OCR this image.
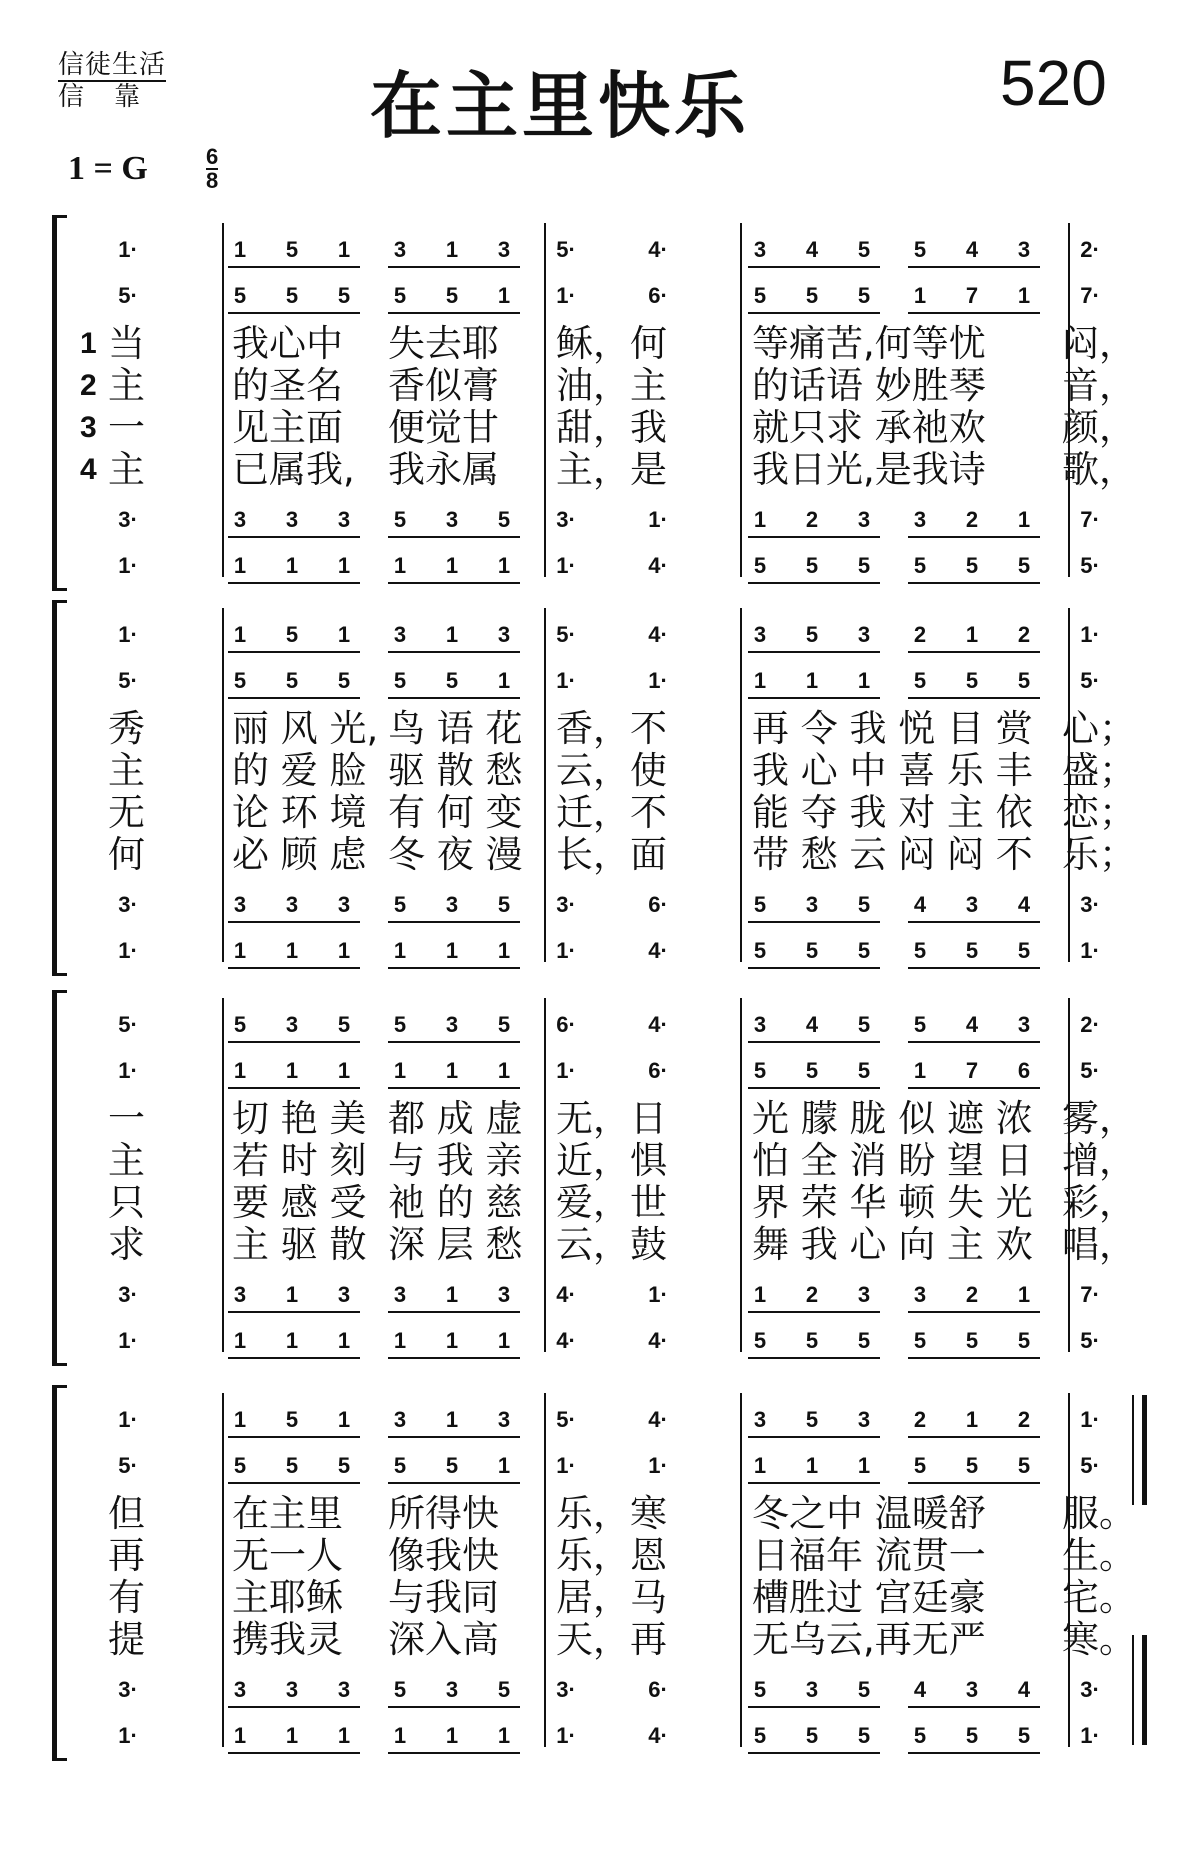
信徒生活

信靠	在主里快乐	520
1 = G	6
8
1·	1	5	1	3	1	3	5·	4·	3	4	5	5	4	3	2·
5·	5	5	5	5	5	1	1·	6·	5	5	5	1	7	1	7·
3·	3	3	3	5	3	5	3·	1·	1	2	3	3	2	1	7·
1·	1	1	1	1	1	1	1·	4·	5	5	5	5	5	5	5·
1 当 我心中 失去耶 稣，何 等痛苦,何等忧 闷，
2 主 的圣名 香似膏 油，主 的话语 妙胜琴 音，
3 一 见主面 便觉甘 甜，我 就只求 承祂欢 颜，
4 主 已属我, 我永属 主，是 我日光,是我诗 歌，
1·	1	5	1	3	1	3	5·	4·	3	5	3	2	1	2	1·
5·	5	5	5	5	5	1	1·	1·	1	1	1	5	5	5	5·
3·	3	3	3	5	3	5	3·	6·	5	3	5	4	3	4	3·
1·	1	1	1	1	1	1	1·	4·	5	5	5	5	5	5	1·
秀 丽 风 光, 鸟 语 花 香，不 再 令 我 悦 目 赏 心；
主 的 爱 脸 驱 散 愁 云，使 我 心 中 喜 乐 丰 盛；
无 论 环 境 有 何 变 迁，不 能 夺 我 对 主 依 恋；
何 必 顾 虑 冬 夜 漫 长，面 带 愁 云 闷 闷 不 乐；
5·	5	3	5	5	3	5	6·	4·	3	4	5	5	4	3	2·
1·	1	1	1	1	1	1	1·	6·	5	5	5	1	7	6	5·
3·	3	1	3	3	1	3	4·	1·	1	2	3	3	2	1	7·
1·	1	1	1	1	1	1	4·	4·	5	5	5	5	5	5	5·
一 切 艳 美 都 成 虚 无，日 光 朦 胧 似 遮 浓 雾，
主 若 时 刻 与 我 亲 近，惧 怕 全 消 盼 望 日 增，
只 要 感 受 祂 的 慈 爱，世 界 荣 华 顿 失 光 彩，
求 主 驱 散 深 层 愁 云，鼓 舞 我 心 向 主 欢 唱，
1·	1	5	1	3	1	3	5·	4·	3	5	3	2	1	2	1·
5·	5	5	5	5	5	1	1·	1·	1	1	1	5	5	5	5·
3·	3	3	3	5	3	5	3·	6·	5	3	5	4	3	4	3·
1·	1	1	1	1	1	1	1·	4·	5	5	5	5	5	5	1·
但 在主里 所得快 乐，寒 冬之中 温暖舒 服。
再 无一人 像我快 乐，恩 日福年 流贯一 生。
有 主耶稣 与我同 居，马 槽胜过 宫廷豪 宅。
提 携我灵 深入高 天，再 无乌云,再无严 寒。
